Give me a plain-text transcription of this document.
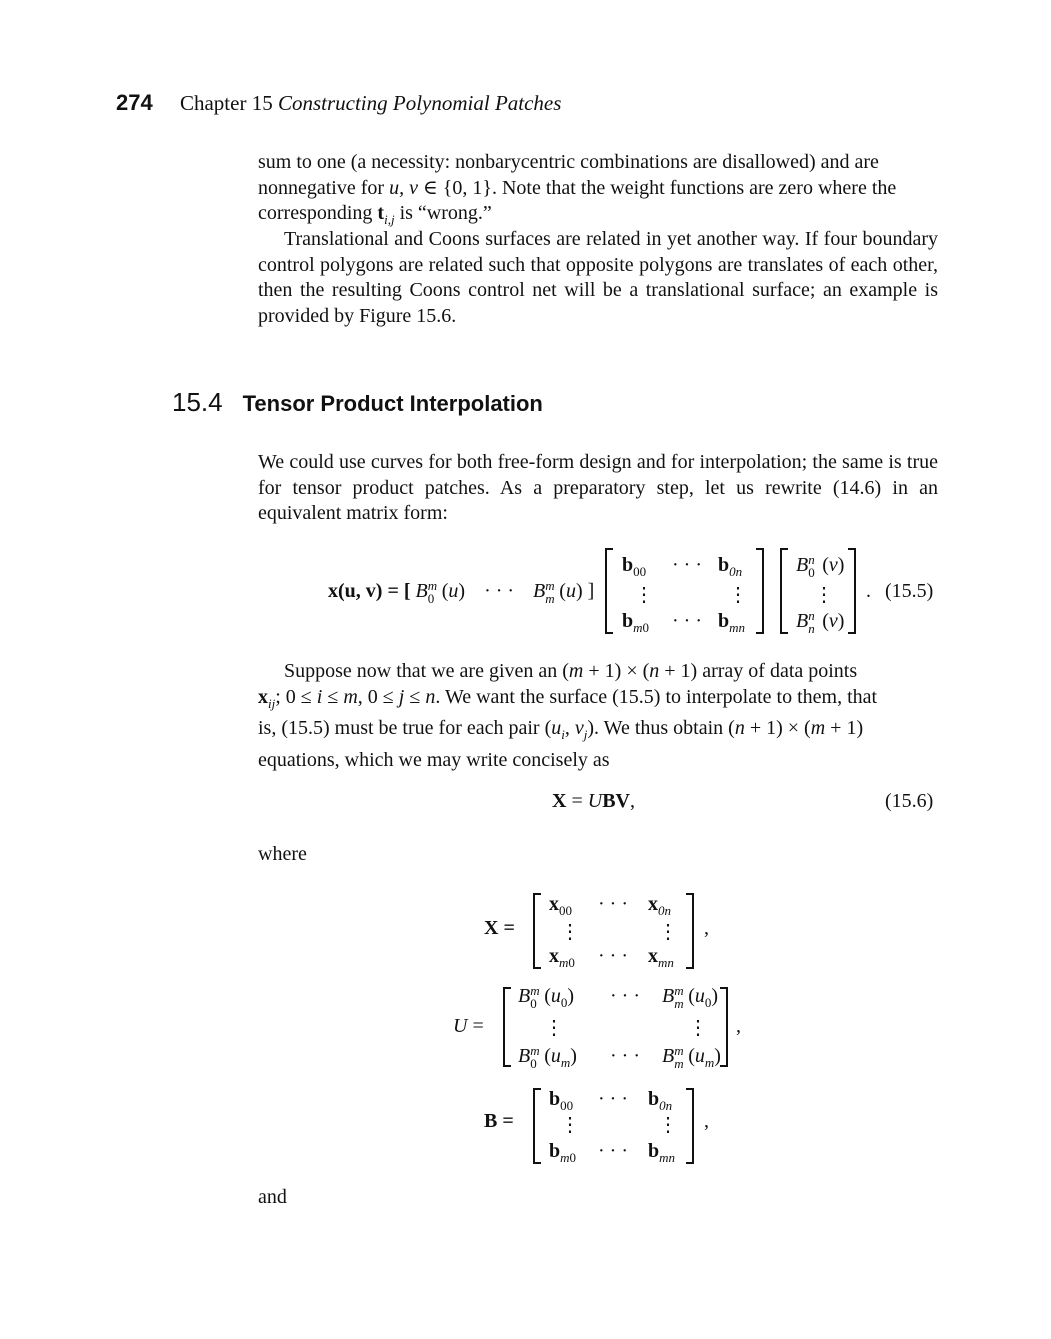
274 Chapter 15 Constructing Polynomial Patches
sum to one (a necessity: nonbarycentric combinations are disallowed) and are
nonnegative for u, v ∈ {0, 1}. Note that the weight functions are zero where the
corresponding $t_{i,j}$ is “wrong.”

Translational and Coons surfaces are related in yet another way. If four boundary control polygons are related such that opposite polygons are translates of each other, then the resulting Coons control net will be a translational surface; an example is provided by Figure 15.6.

15.4 Tensor Product Interpolation

We could use curves for both free-form design and for interpolation; the same is true for tensor product patches. As a preparatory step, let us rewrite (14.6) in an equivalent matrix form:

x(u, v) = [ B m
0 (u) · · · B m
m (u) ]
$b_{00}$ · · · $b_{0n}$
⋮	⋮
$b_{m0}$ · · · $b_{mn}$
B n
0 (v)
⋮
B n
n (v)
. (15.5)
Suppose now that we are given an (m + 1) × (n + 1) array of data points
$x_{ij}$; 0 ≤ i ≤ m, 0 ≤ j ≤ n. We want the surface (15.5) to interpolate to them, that
is, (15.5) must be true for each pair ($u_i$, $v_j$). We thus obtain (n + 1) × (m + 1)
equations, which we may write concisely as
X = UBV,	(15.6)
where
X =
$x_{00}$ · · · $x_{0n}$
⋮	⋮
$x_{m0}$ · · · $x_{mn}$
,
U =
B m
0 $(u_0)$ · · · B m
m $(u_0)$
⋮	⋮
B m
0 $(u_m)$ · · · B m
m $(u_m)$
,
B =
$b_{00}$ · · · $b_{0n}$
⋮	⋮
$b_{m0}$ · · · $b_{mn}$
,
and
